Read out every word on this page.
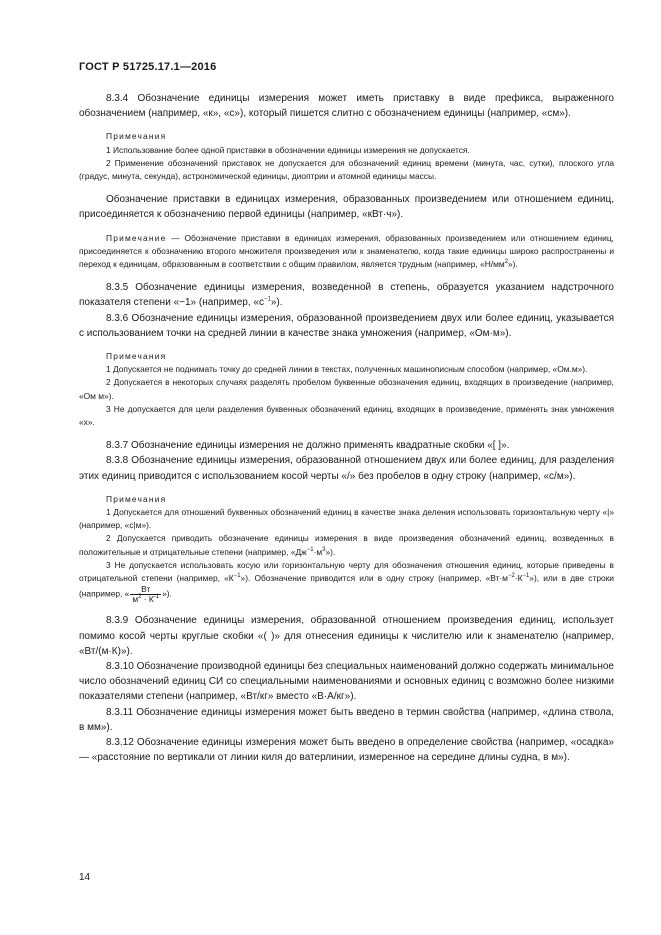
ГОСТ Р 51725.17.1—2016

8.3.4 Обозначение единицы измерения может иметь приставку в виде префикса, выраженного обозначением (например, «к», «с»), который пишется слитно с обозначением единицы (например, «см»).

Примечания

1 Использование более одной приставки в обозначении единицы измерения не допускается.

2 Применение обозначений приставок не допускается для обозначений единиц времени (минута, час, сутки), плоского угла (градус, минута, секунда), астрономической единицы, диоптрии и атомной единицы массы.

Обозначение приставки в единицах измерения, образованных произведением или отношением единиц, присоединяется к обозначению первой единицы (например, «кВт·ч»).

Примечание — Обозначение приставки в единицах измерения, образованных произведением или отношением единиц, присоединяется к обозначению второго множителя произведения или к знаменателю, когда такие единицы широко распространены и переход к единицам, образованным в соответствии с общим правилом, является трудным (например, «$Н/мм^2$»).

8.3.5 Обозначение единицы измерения, возведенной в степень, образуется указанием надстрочного показателя степени «−1» (например, «$с^{-1}$»).

8.3.6 Обозначение единицы измерения, образованной произведением двух или более единиц, указывается с использованием точки на средней линии в качестве знака умножения (например, «Ом·м»).

Примечания

1 Допускается не поднимать точку до средней линии в текстах, полученных машинописным способом (например, «Ом.м»).

2 Допускается в некоторых случаях разделять пробелом буквенные обозначения единиц, входящих в произведение (например, «Ом м»).

3 Не допускается для цели разделения буквенных обозначений единиц, входящих в произведение, применять знак умножения «х».

8.3.7 Обозначение единицы измерения не должно применять квадратные скобки «[ ]».

8.3.8 Обозначение единицы измерения, образованной отношением двух или более единиц, для разделения этих единиц приводится с использованием косой черты «/» без пробелов в одну строку (например, «с/м»).

Примечания

1 Допускается для отношений буквенных обозначений единиц в качестве знака деления использовать горизонтальную черту «|» (например, «с|м»).

2 Допускается приводить обозначение единицы измерения в виде произведения обозначений единиц, возведенных в положительные и отрицательные степени (например, «$Дж^{-1}\cdot м^3$»).

3 Не допускается использовать косую или горизонтальную черту для обозначения отношения единиц, которые приведены в отрицательной степени (например, «$К^{-1}$»). Обозначение приводится или в одну строку (например, «$Вт\cdot м^{-2}\cdot К^{-1}$»), или в две строки (например, « $\frac{Вт}{м^2 \cdot К^{-1}}$ »).

8.3.9 Обозначение единицы измерения, образованной отношением произведения единиц, использует помимо косой черты круглые скобки «( )» для отнесения единицы к числителю или к знаменателю (например, «Вт/(м·К)»).

8.3.10 Обозначение производной единицы без специальных наименований должно содержать минимальное число обозначений единиц СИ со специальными наименованиями и основных единиц с возможно более низкими показателями степени (например, «Вт/кг» вместо «В·А/кг»).

8.3.11 Обозначение единицы измерения может быть введено в термин свойства (например, «длина ствола, в мм»).

8.3.12 Обозначение единицы измерения может быть введено в определение свойства (например, «осадка» — «расстояние по вертикали от линии киля до ватерлинии, измеренное на середине длины судна, в м»).

14
